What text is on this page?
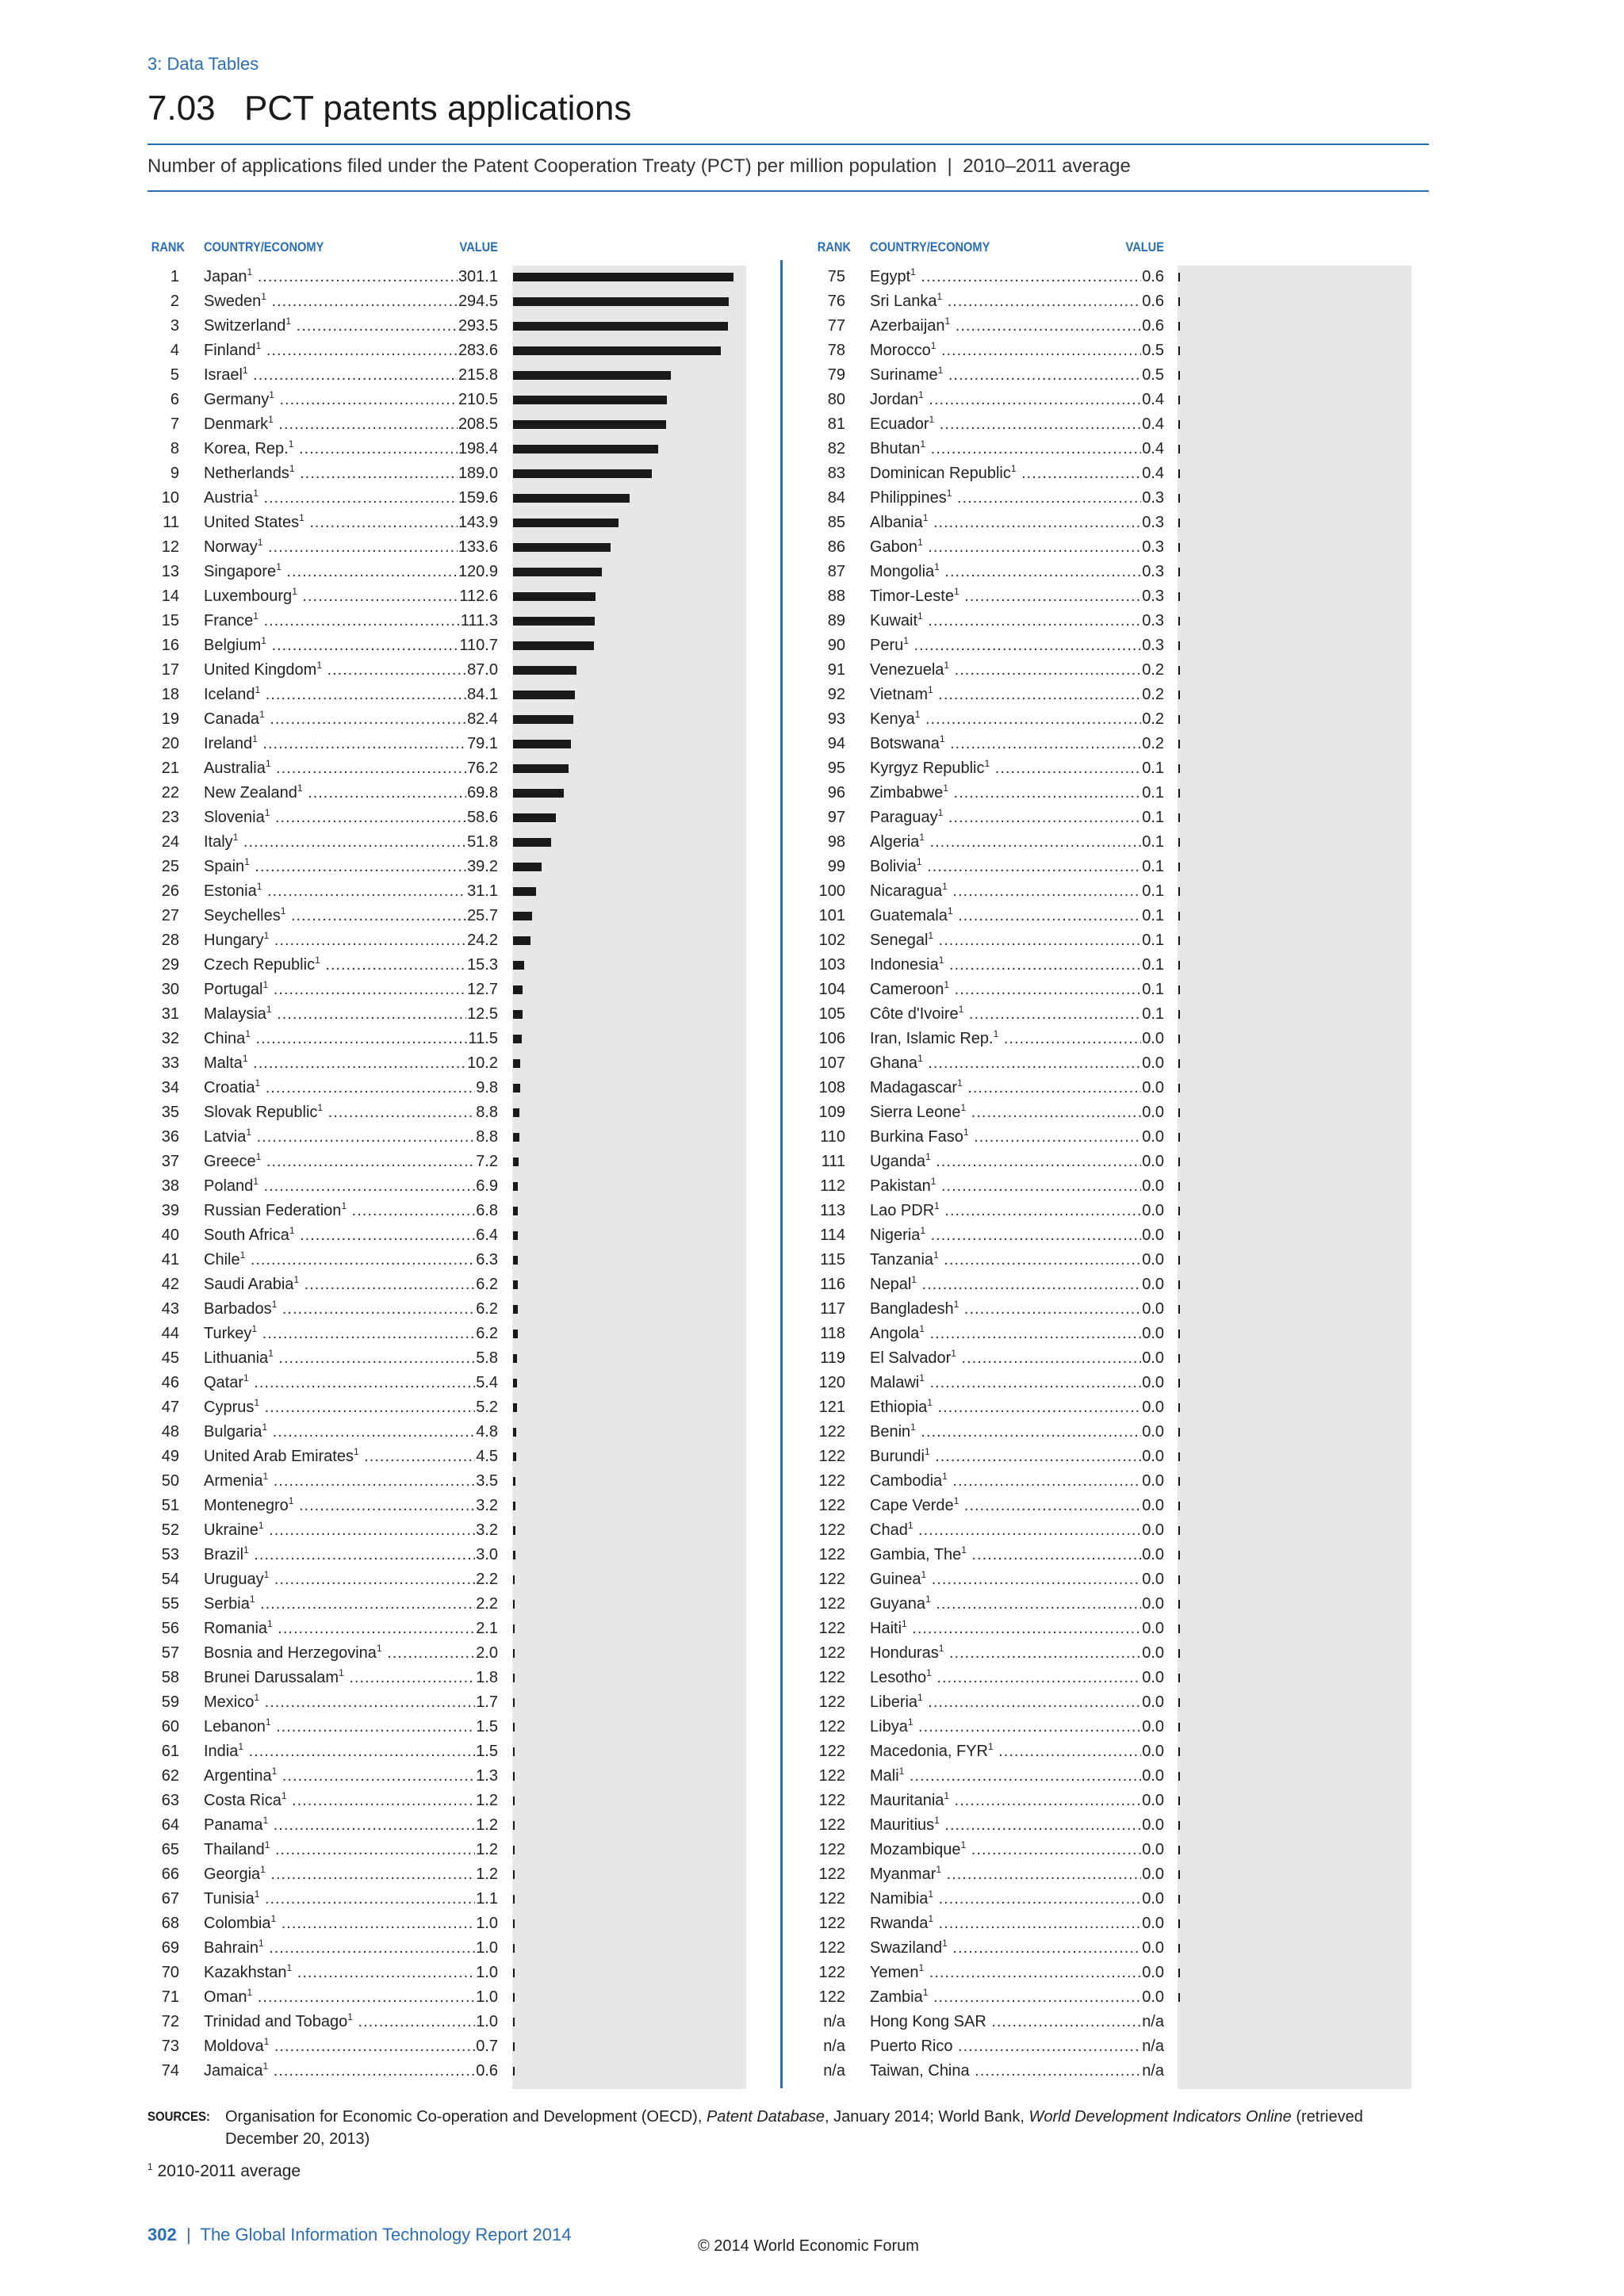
3: Data Tables
7.03 PCT patents applications
Number of applications filed under the Patent Cooperation Treaty (PCT) per million population  |  2010–2011 average
RANK COUNTRY/ECONOMY	VALUE	RANK COUNTRY/ECONOMY	VALUE
1 Japan$^1$ .....	301.1
2 Sweden$^1$ .....	294.5
3 Switzerland$^1$ .....	293.5
4 Finland$^1$ .....	283.6
5 Israel$^1$ .....	215.8
6 Germany$^1$ .....	210.5
7 Denmark$^1$ .....	208.5
8 Korea, Rep.$^1$ .....	198.4
9 Netherlands$^1$ .....	189.0
10 Austria$^1$ .....	159.6
11 United States$^1$ .....	143.9
12 Norway$^1$ .....	133.6
13 Singapore$^1$ .....	120.9
14 Luxembourg$^1$ .....	112.6
15 France$^1$ .....	111.3
16 Belgium$^1$ .....	110.7
17 United Kingdom$^1$ .....	87.0
18 Iceland$^1$ .....	84.1
19 Canada$^1$ .....	82.4
20 Ireland$^1$ .....	79.1
21 Australia$^1$ .....	76.2
22 New Zealand$^1$ .....	69.8
23 Slovenia$^1$ .....	58.6
24 Italy$^1$ .....	51.8
25 Spain$^1$ .....	39.2
26 Estonia$^1$ .....	31.1
27 Seychelles$^1$ .....	25.7
28 Hungary$^1$ .....	24.2
29 Czech Republic$^1$ .....	15.3
30 Portugal$^1$ .....	12.7
31 Malaysia$^1$ .....	12.5
32 China$^1$ .....	11.5
33 Malta$^1$ .....	10.2
34 Croatia$^1$ .....	9.8
35 Slovak Republic$^1$ .....	8.8
36 Latvia$^1$ .....	8.8
37 Greece$^1$ .....	7.2
38 Poland$^1$ .....	6.9
39 Russian Federation$^1$ .....	6.8
40 South Africa$^1$ .....	6.4
41 Chile$^1$ .....	6.3
42 Saudi Arabia$^1$ .....	6.2
43 Barbados$^1$ .....	6.2
44 Turkey$^1$ .....	6.2
45 Lithuania$^1$ .....	5.8
46 Qatar$^1$ .....	5.4
47 Cyprus$^1$ .....	5.2
48 Bulgaria$^1$ .....	4.8
49 United Arab Emirates$^1$ .....	4.5
50 Armenia$^1$ .....	3.5
51 Montenegro$^1$ .....	3.2
52 Ukraine$^1$ .....	3.2
53 Brazil$^1$ .....	3.0
54 Uruguay$^1$ .....	2.2
55 Serbia$^1$ .....	2.2
56 Romania$^1$ .....	2.1
57 Bosnia and Herzegovina$^1$ .....	2.0
58 Brunei Darussalam$^1$ .....	1.8
59 Mexico$^1$ .....	1.7
60 Lebanon$^1$ .....	1.5
61 India$^1$ .....	1.5
62 Argentina$^1$ .....	1.3
63 Costa Rica$^1$ .....	1.2
64 Panama$^1$ .....	1.2
65 Thailand$^1$ .....	1.2
66 Georgia$^1$ .....	1.2
67 Tunisia$^1$ .....	1.1
68 Colombia$^1$ .....	1.0
69 Bahrain$^1$ .....	1.0
70 Kazakhstan$^1$ .....	1.0
71 Oman$^1$ .....	1.0
72 Trinidad and Tobago$^1$ .....	1.0
73 Moldova$^1$ .....	0.7
74 Jamaica$^1$ .....	0.6
75 Egypt$^1$ .....	0.6
76 Sri Lanka$^1$ .....	0.6
77 Azerbaijan$^1$ .....	0.6
78 Morocco$^1$ .....	0.5
79 Suriname$^1$ .....	0.5
80 Jordan$^1$ .....	0.4
81 Ecuador$^1$ .....	0.4
82 Bhutan$^1$ .....	0.4
83 Dominican Republic$^1$ .....	0.4
84 Philippines$^1$ .....	0.3
85 Albania$^1$ .....	0.3
86 Gabon$^1$ .....	0.3
87 Mongolia$^1$ .....	0.3
88 Timor-Leste$^1$ .....	0.3
89 Kuwait$^1$ .....	0.3
90 Peru$^1$ .....	0.3
91 Venezuela$^1$ .....	0.2
92 Vietnam$^1$ .....	0.2
93 Kenya$^1$ .....	0.2
94 Botswana$^1$ .....	0.2
95 Kyrgyz Republic$^1$ .....	0.1
96 Zimbabwe$^1$ .....	0.1
97 Paraguay$^1$ .....	0.1
98 Algeria$^1$ .....	0.1
99 Bolivia$^1$ .....	0.1
100 Nicaragua$^1$ .....	0.1
101 Guatemala$^1$ .....	0.1
102 Senegal$^1$ .....	0.1
103 Indonesia$^1$ .....	0.1
104 Cameroon$^1$ .....	0.1
105 Côte d'Ivoire$^1$ .....	0.1
106 Iran, Islamic Rep.$^1$ .....	0.0
107 Ghana$^1$ .....	0.0
108 Madagascar$^1$ .....	0.0
109 Sierra Leone$^1$ .....	0.0
110 Burkina Faso$^1$ .....	0.0
111 Uganda$^1$ .....	0.0
112 Pakistan$^1$ .....	0.0
113 Lao PDR$^1$ .....	0.0
114 Nigeria$^1$ .....	0.0
115 Tanzania$^1$ .....	0.0
116 Nepal$^1$ .....	0.0
117 Bangladesh$^1$ .....	0.0
118 Angola$^1$ .....	0.0
119 El Salvador$^1$ .....	0.0
120 Malawi$^1$ .....	0.0
121 Ethiopia$^1$ .....	0.0
122 Benin$^1$ .....	0.0
122 Burundi$^1$ .....	0.0
122 Cambodia$^1$ .....	0.0
122 Cape Verde$^1$ .....	0.0
122 Chad$^1$ .....	0.0
122 Gambia, The$^1$ .....	0.0
122 Guinea$^1$ .....	0.0
122 Guyana$^1$ .....	0.0
122 Haiti$^1$ .....	0.0
122 Honduras$^1$ .....	0.0
122 Lesotho$^1$ .....	0.0
122 Liberia$^1$ .....	0.0
122 Libya$^1$ .....	0.0
122 Macedonia, FYR$^1$ .....	0.0
122 Mali$^1$ .....	0.0
122 Mauritania$^1$ .....	0.0
122 Mauritius$^1$ .....	0.0
122 Mozambique$^1$ .....	0.0
122 Myanmar$^1$ .....	0.0
122 Namibia$^1$ .....	0.0
122 Rwanda$^1$ .....	0.0
122 Swaziland$^1$ .....	0.0
122 Yemen$^1$ .....	0.0
122 Zambia$^1$ .....	0.0
n/a Hong Kong SAR .....	n/a
n/a Puerto Rico .....	n/a
n/a Taiwan, China .....	n/a
SOURCES: Organisation for Economic Co-operation and Development (OECD), Patent Database, January 2014; World Bank, World Development Indicators Online (retrieved December 20, 2013)
$^1$ 2010-2011 average
302  |  The Global Information Technology Report 2014
© 2014 World Economic Forum
